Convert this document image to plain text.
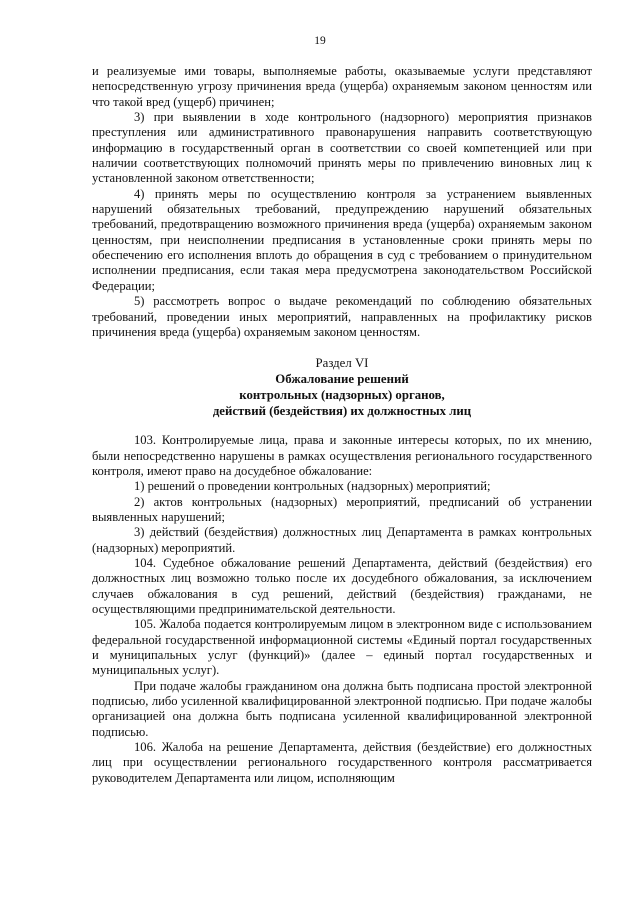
19

и реализуемые ими товары, выполняемые работы, оказываемые услуги представляют непосредственную угрозу причинения вреда (ущерба) охраняемым законом ценностям или что такой вред (ущерб) причинен;

3) при выявлении в ходе контрольного (надзорного) мероприятия признаков преступления или административного правонарушения направить соответствующую информацию в государственный орган в соответствии со своей компетенцией или при наличии соответствующих полномочий принять меры по привлечению виновных лиц к установленной законом ответственности;

4) принять меры по осуществлению контроля за устранением выявленных нарушений обязательных требований, предупреждению нарушений обязательных требований, предотвращению возможного причинения вреда (ущерба) охраняемым законом ценностям, при неисполнении предписания в установленные сроки принять меры по обеспечению его исполнения вплоть до обращения в суд с требованием о принудительном исполнении предписания, если такая мера предусмотрена законодательством Российской Федерации;

5) рассмотреть вопрос о выдаче рекомендаций по соблюдению обязательных требований, проведении иных мероприятий, направленных на профилактику рисков причинения вреда (ущерба) охраняемым законом ценностям.

Раздел VI
Обжалование решений
контрольных (надзорных) органов,
действий (бездействия) их должностных лиц

103. Контролируемые лица, права и законные интересы которых, по их мнению, были непосредственно нарушены в рамках осуществления регионального государственного контроля, имеют право на досудебное обжалование:

1) решений о проведении контрольных (надзорных) мероприятий;

2) актов контрольных (надзорных) мероприятий, предписаний об устранении выявленных нарушений;

3) действий (бездействия) должностных лиц Департамента в рамках контрольных (надзорных) мероприятий.

104. Судебное обжалование решений Департамента, действий (бездействия) его должностных лиц возможно только после их досудебного обжалования, за исключением случаев обжалования в суд решений, действий (бездействия) гражданами, не осуществляющими предпринимательской деятельности.

105. Жалоба подается контролируемым лицом в электронном виде с использованием федеральной государственной информационной системы «Единый портал государственных и муниципальных услуг (функций)» (далее – единый портал государственных и муниципальных услуг).

При подаче жалобы гражданином она должна быть подписана простой электронной подписью, либо усиленной квалифицированной электронной подписью. При подаче жалобы организацией она должна быть подписана усиленной квалифицированной электронной подписью.

106. Жалоба на решение Департамента, действия (бездействие) его должностных лиц при осуществлении регионального государственного контроля рассматривается руководителем Департамента или лицом, исполняющим
